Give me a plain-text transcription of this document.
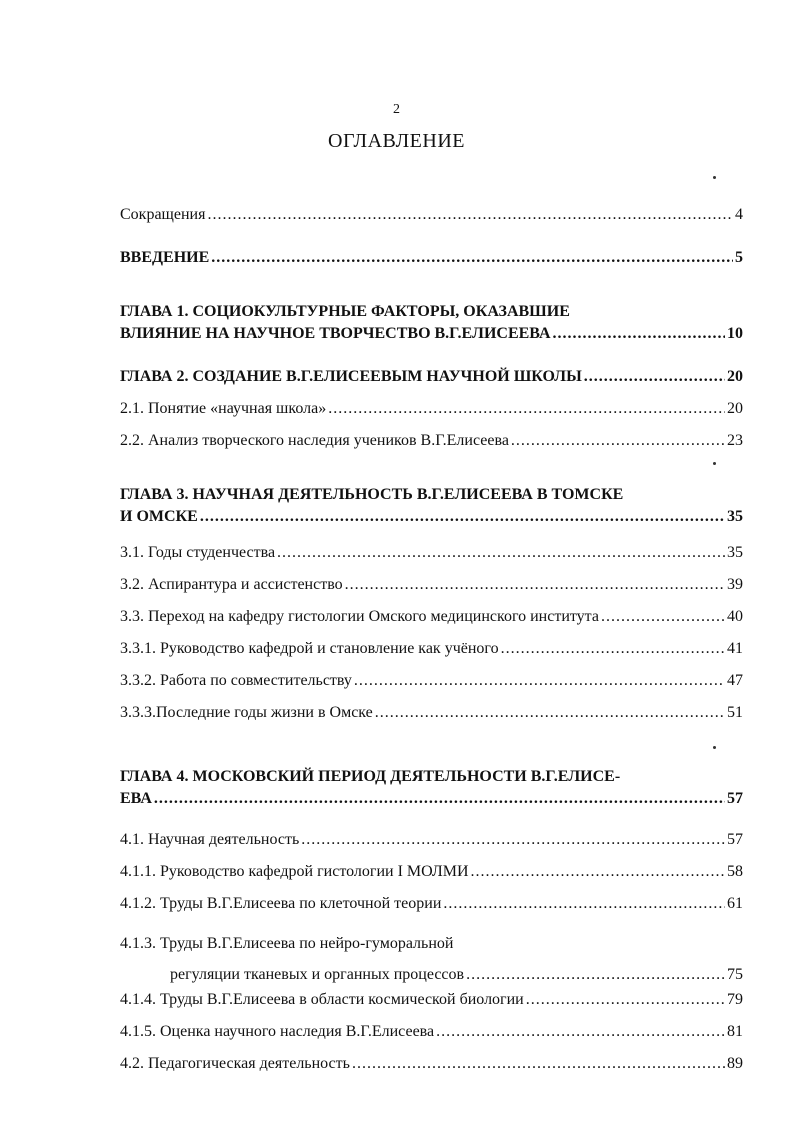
2
ОГЛАВЛЕНИЕ
Сокращения .....	4
ВВЕДЕНИЕ .....	5
ГЛАВА 1. СОЦИОКУЛЬТУРНЫЕ ФАКТОРЫ, ОКАЗАВШИЕ
ВЛИЯНИЕ НА НАУЧНОЕ ТВОРЧЕСТВО В.Г.ЕЛИСЕЕВА .....	10
ГЛАВА 2. СОЗДАНИЕ В.Г.ЕЛИСЕЕВЫМ НАУЧНОЙ ШКОЛЫ .....	20
2.1. Понятие «научная школа» .....	20
2.2. Анализ творческого наследия учеников В.Г.Елисеева .....	23
ГЛАВА 3. НАУЧНАЯ ДЕЯТЕЛЬНОСТЬ В.Г.ЕЛИСЕЕВА В ТОМСКЕ
И ОМСКЕ .....	35
3.1. Годы студенчества .....	35
3.2. Аспирантура и ассистенство .....	39
3.3. Переход на кафедру гистологии Омского медицинского института .....	40
3.3.1. Руководство кафедрой и становление как учёного .....	41
3.3.2. Работа по совместительству .....	47
3.3.3.Последние годы жизни в Омске .....	51
ГЛАВА 4. МОСКОВСКИЙ ПЕРИОД ДЕЯТЕЛЬНОСТИ В.Г.ЕЛИСЕ-
ЕВА .....	57
4.1. Научная деятельность .....	57
4.1.1. Руководство кафедрой гистологии I МОЛМИ .....	58
4.1.2. Труды В.Г.Елисеева по клеточной теории .....	61
4.1.3. Труды В.Г.Елисеева по нейро-гуморальной
регуляции тканевых и органных процессов .....	75
4.1.4. Труды В.Г.Елисеева в области космической биологии .....	79
4.1.5. Оценка научного наследия В.Г.Елисеева .....	81
4.2. Педагогическая деятельность .....	89
